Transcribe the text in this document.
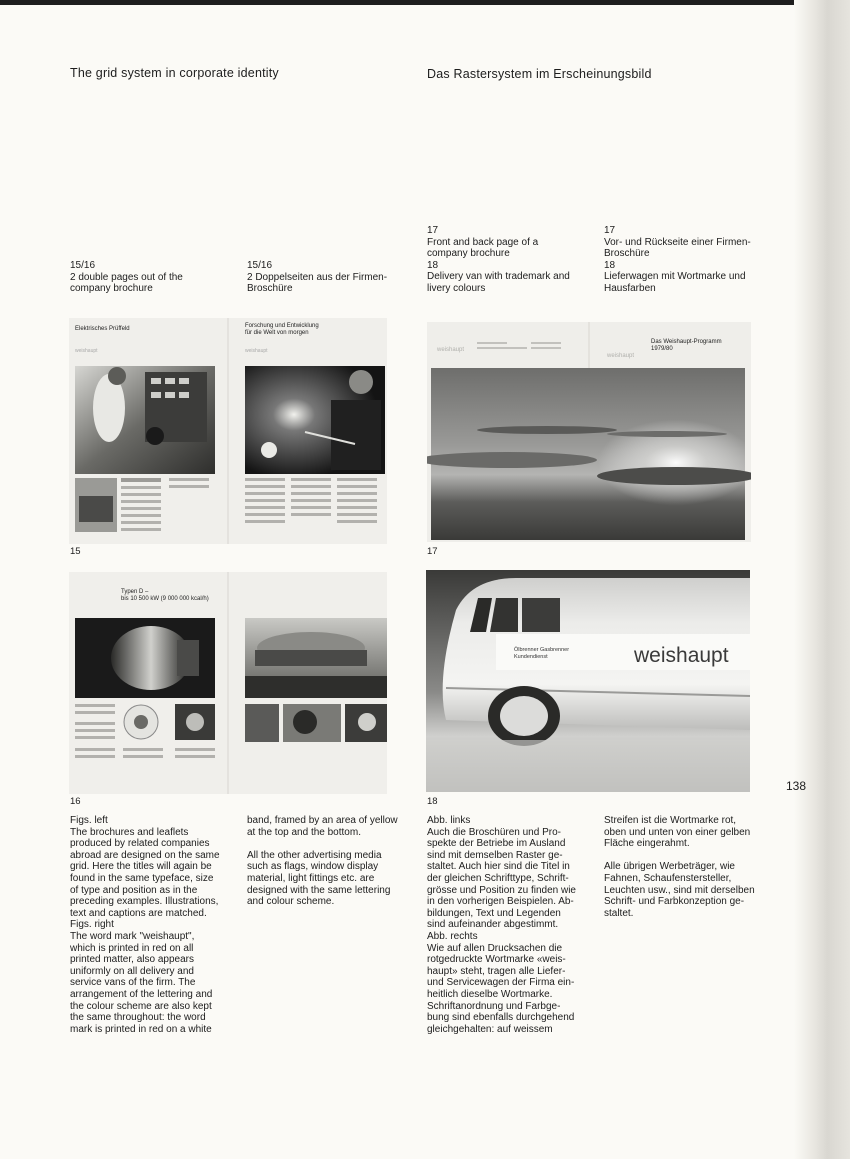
The grid system in corporate identity	Das Rastersystem im Erscheinungsbild
15/16
2 double pages out of the
company brochure
15/16
2 Doppelseiten aus der Firmen-
Broschüre
17
Front and back page of a
company brochure
18
Delivery van with trademark and
livery colours
17
Vor- und Rückseite einer Firmen-
Broschüre
18
Lieferwagen mit Wortmarke und
Hausfarben
Elektrisches Prüffeld	Forschung und Entwicklung
für die Welt von morgen
weishaupt	weishaupt
15
Typen D –
bis 10 500 kW (9 000 000 kcal/h)
16
weishaupt
weishaupt
Das Weishaupt-Programm
1979/80
17
weishaupt
Ölbrenner Gasbrenner
Kundendienst
18
138
Figs. left
The brochures and leaflets
produced by related companies
abroad are designed on the same
grid. Here the titles will again be
found in the same typeface, size
of type and position as in the
preceding examples. Illustrations,
text and captions are matched.
Figs. right
The word mark "weishaupt",
which is printed in red on all
printed matter, also appears
uniformly on all delivery and
service vans of the firm. The
arrangement of the lettering and
the colour scheme are also kept
the same throughout: the word
mark is printed in red on a white
band, framed by an area of yellow
at the top and the bottom.
All the other advertising media
such as flags, window display
material, light fittings etc. are
designed with the same lettering
and colour scheme.
Abb. links
Auch die Broschüren und Pro-
spekte der Betriebe im Ausland
sind mit demselben Raster ge-
staltet. Auch hier sind die Titel in
der gleichen Schrifttype, Schrift-
grösse und Position zu finden wie
in den vorherigen Beispielen. Ab-
bildungen, Text und Legenden
sind aufeinander abgestimmt.
Abb. rechts
Wie auf allen Drucksachen die
rotgedruckte Wortmarke «weis-
haupt» steht, tragen alle Liefer-
und Servicewagen der Firma ein-
heitlich dieselbe Wortmarke.
Schriftanordnung und Farbge-
bung sind ebenfalls durchgehend
gleichgehalten: auf weissem
Streifen ist die Wortmarke rot,
oben und unten von einer gelben
Fläche eingerahmt.
Alle übrigen Werbeträger, wie
Fahnen, Schaufenstersteller,
Leuchten usw., sind mit derselben
Schrift- und Farbkonzeption ge-
staltet.
